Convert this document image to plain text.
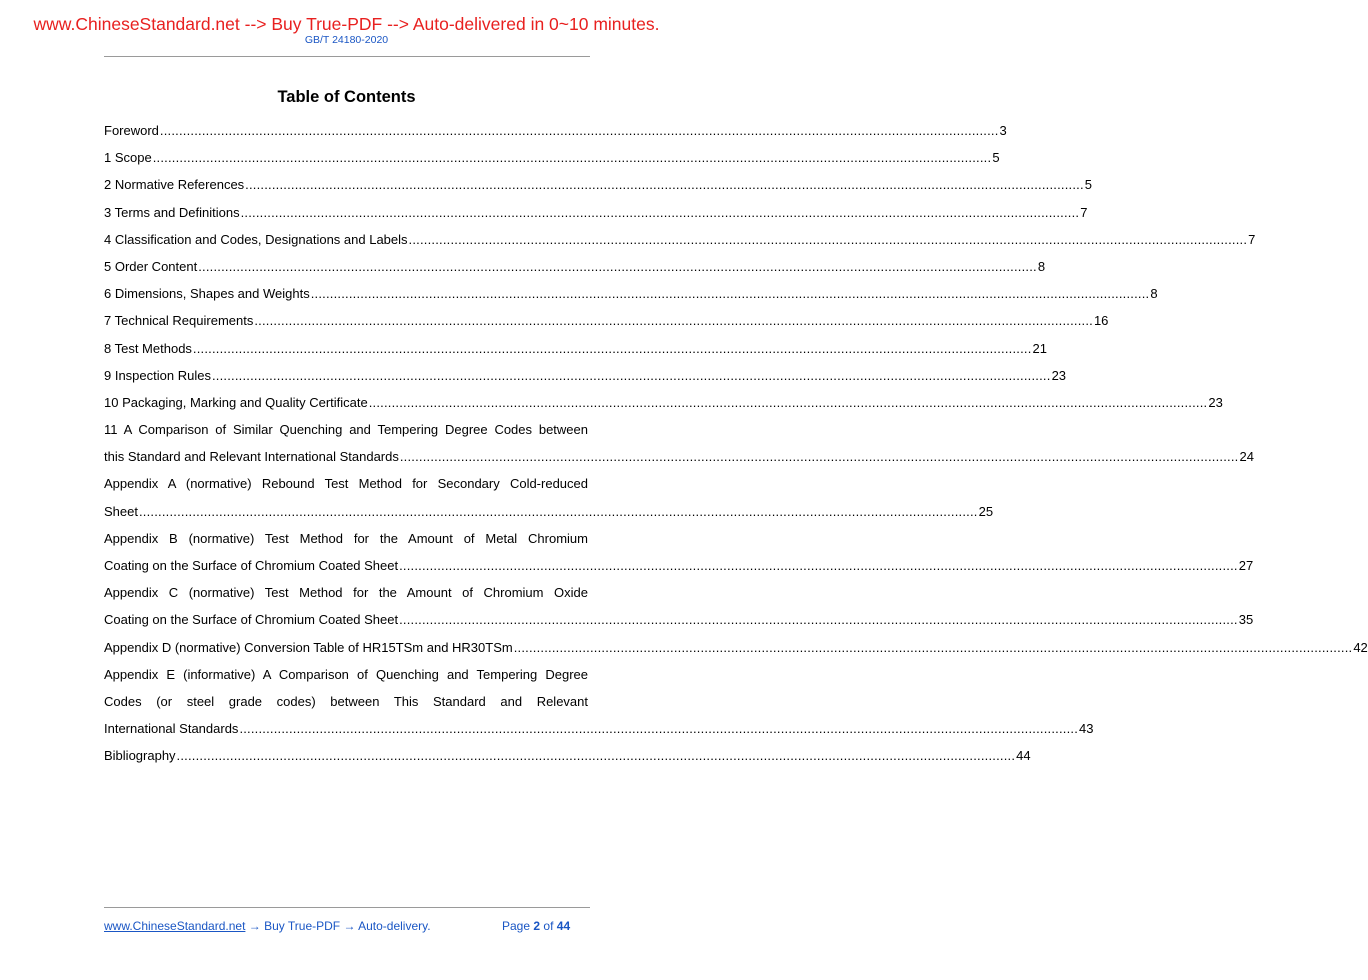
www.ChineseStandard.net --> Buy True-PDF --> Auto-delivered in 0~10 minutes.
GB/T 24180-2020
Table of Contents
Foreword ............................................................................................................................................................................................................................ 3
1 Scope ............................................................................................................................................................................................................................ 5
2 Normative References ............................................................................................................................................................................................................................ 5
3 Terms and Definitions ............................................................................................................................................................................................................................ 7
4 Classification and Codes, Designations and Labels ............................................................................................................................................................................................................................ 7
5 Order Content ............................................................................................................................................................................................................................ 8
6 Dimensions, Shapes and Weights ............................................................................................................................................................................................................................ 8
7 Technical Requirements ............................................................................................................................................................................................................................ 16
8 Test Methods ............................................................................................................................................................................................................................ 21
9 Inspection Rules ............................................................................................................................................................................................................................ 23
10 Packaging, Marking and Quality Certificate ............................................................................................................................................................................................................................ 23
11 A Comparison of Similar Quenching and Tempering Degree Codes between
this Standard and Relevant International Standards ............................................................................................................................................................................................................................ 24
Appendix A (normative) Rebound Test Method for Secondary Cold-reduced
Sheet ............................................................................................................................................................................................................................ 25
Appendix B (normative) Test Method for the Amount of Metal Chromium
Coating on the Surface of Chromium Coated Sheet ............................................................................................................................................................................................................................ 27
Appendix C (normative) Test Method for the Amount of Chromium Oxide
Coating on the Surface of Chromium Coated Sheet ............................................................................................................................................................................................................................ 35
Appendix D (normative) Conversion Table of HR15TSm and HR30TSm ............................................................................................................................................................................................................................ 42
Appendix E (informative) A Comparison of Quenching and Tempering Degree
Codes (or steel grade codes) between This Standard and Relevant
International Standards ............................................................................................................................................................................................................................ 43
Bibliography ............................................................................................................................................................................................................................ 44
www.ChineseStandard.net → Buy True-PDF → Auto-delivery.	Page 2 of 44
